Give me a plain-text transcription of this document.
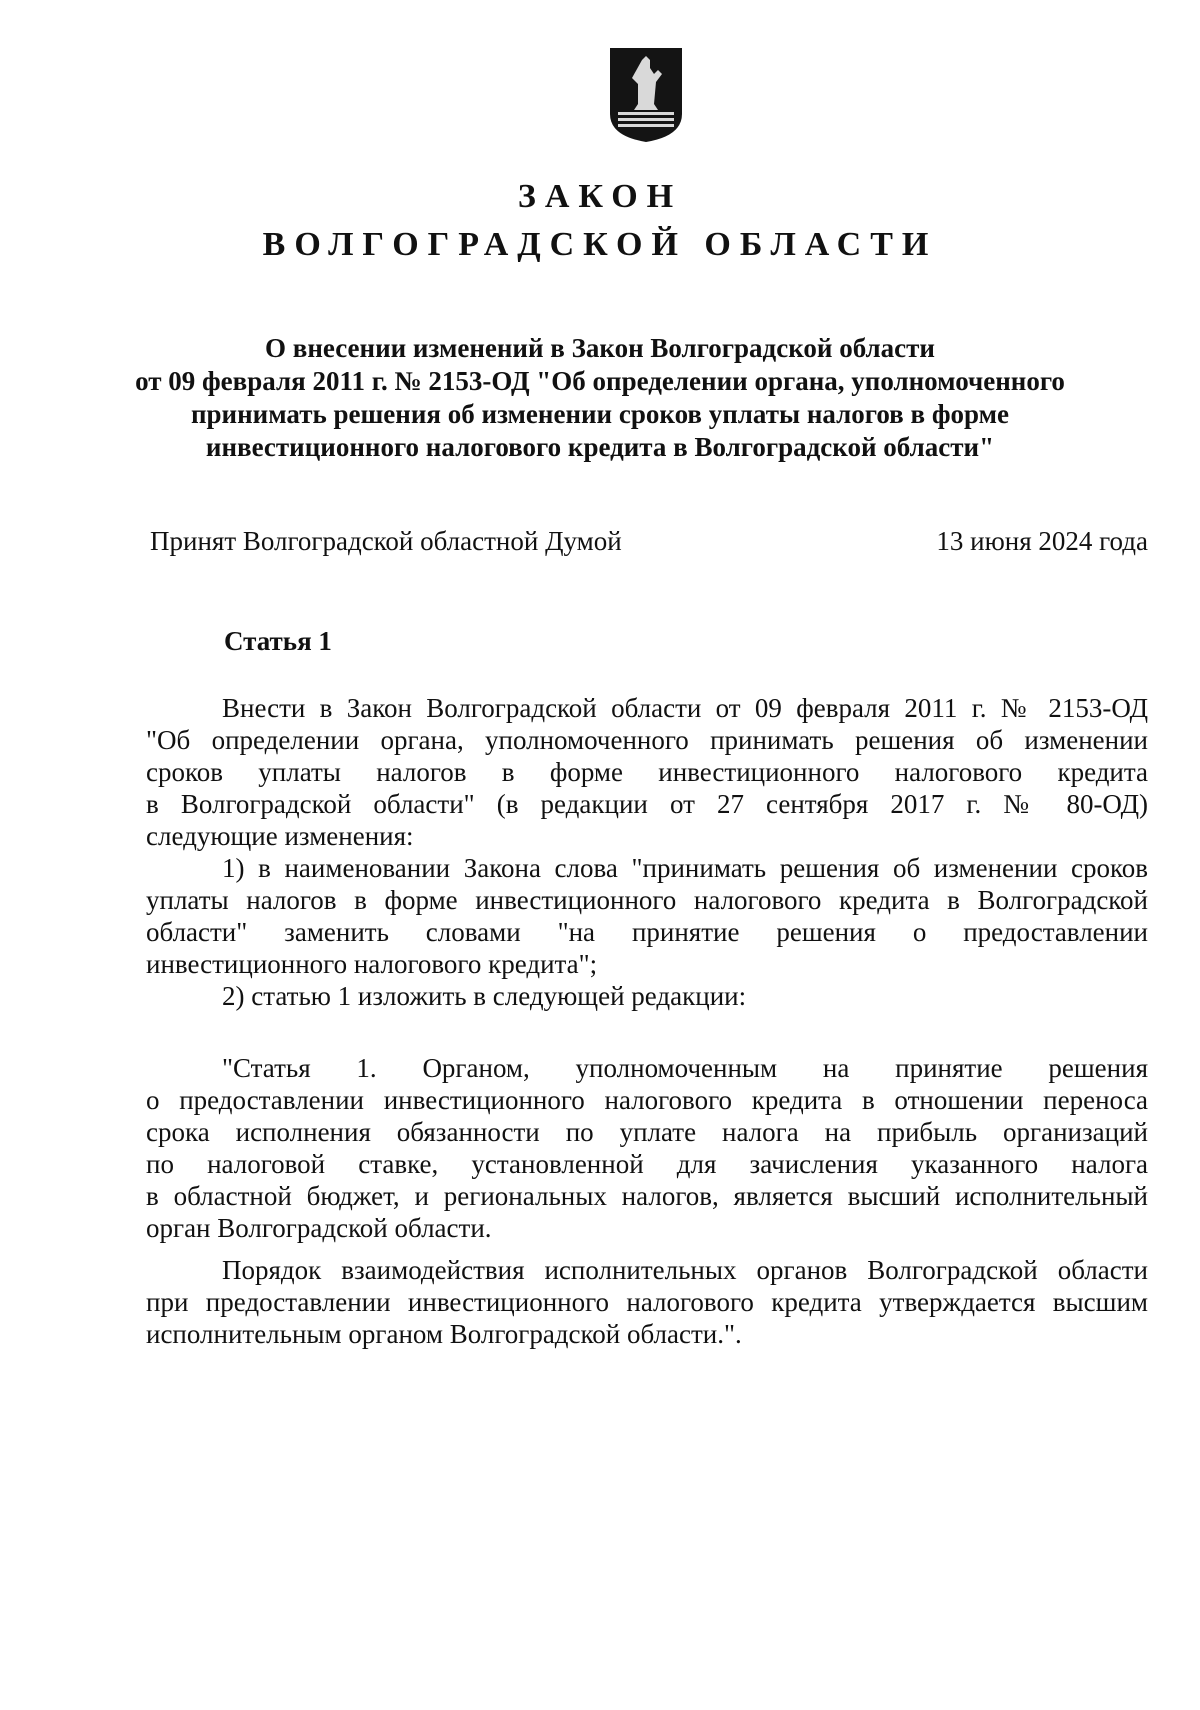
ЗАКОН
ВОЛГОГРАДСКОЙ ОБЛАСТИ
О внесении изменений в Закон Волгоградской области
от 09 февраля 2011 г. № 2153-ОД "Об определении органа, уполномоченного
принимать решения об изменении сроков уплаты налогов в форме
инвестиционного налогового кредита в Волгоградской области"
Принят Волгоградской областной Думой	13 июня 2024 года
Статья 1
Внести в Закон Волгоградской области от 09 февраля 2011 г. № 2153-ОД
"Об определении органа, уполномоченного принимать решения об изменении
сроков уплаты налогов в форме инвестиционного налогового кредита
в Волгоградской области" (в редакции от 27 сентября 2017 г. № 80-ОД)
следующие изменения:
1) в наименовании Закона слова "принимать решения об изменении сроков
уплаты налогов в форме инвестиционного налогового кредита в Волгоградской
области" заменить словами "на принятие решения о предоставлении
инвестиционного налогового кредита";
2) статью 1 изложить в следующей редакции:
"Статья 1. Органом, уполномоченным на принятие решения
о предоставлении инвестиционного налогового кредита в отношении переноса
срока исполнения обязанности по уплате налога на прибыль организаций
по налоговой ставке, установленной для зачисления указанного налога
в областной бюджет, и региональных налогов, является высший исполнительный
орган Волгоградской области.
Порядок взаимодействия исполнительных органов Волгоградской области
при предоставлении инвестиционного налогового кредита утверждается высшим
исполнительным органом Волгоградской области.".
